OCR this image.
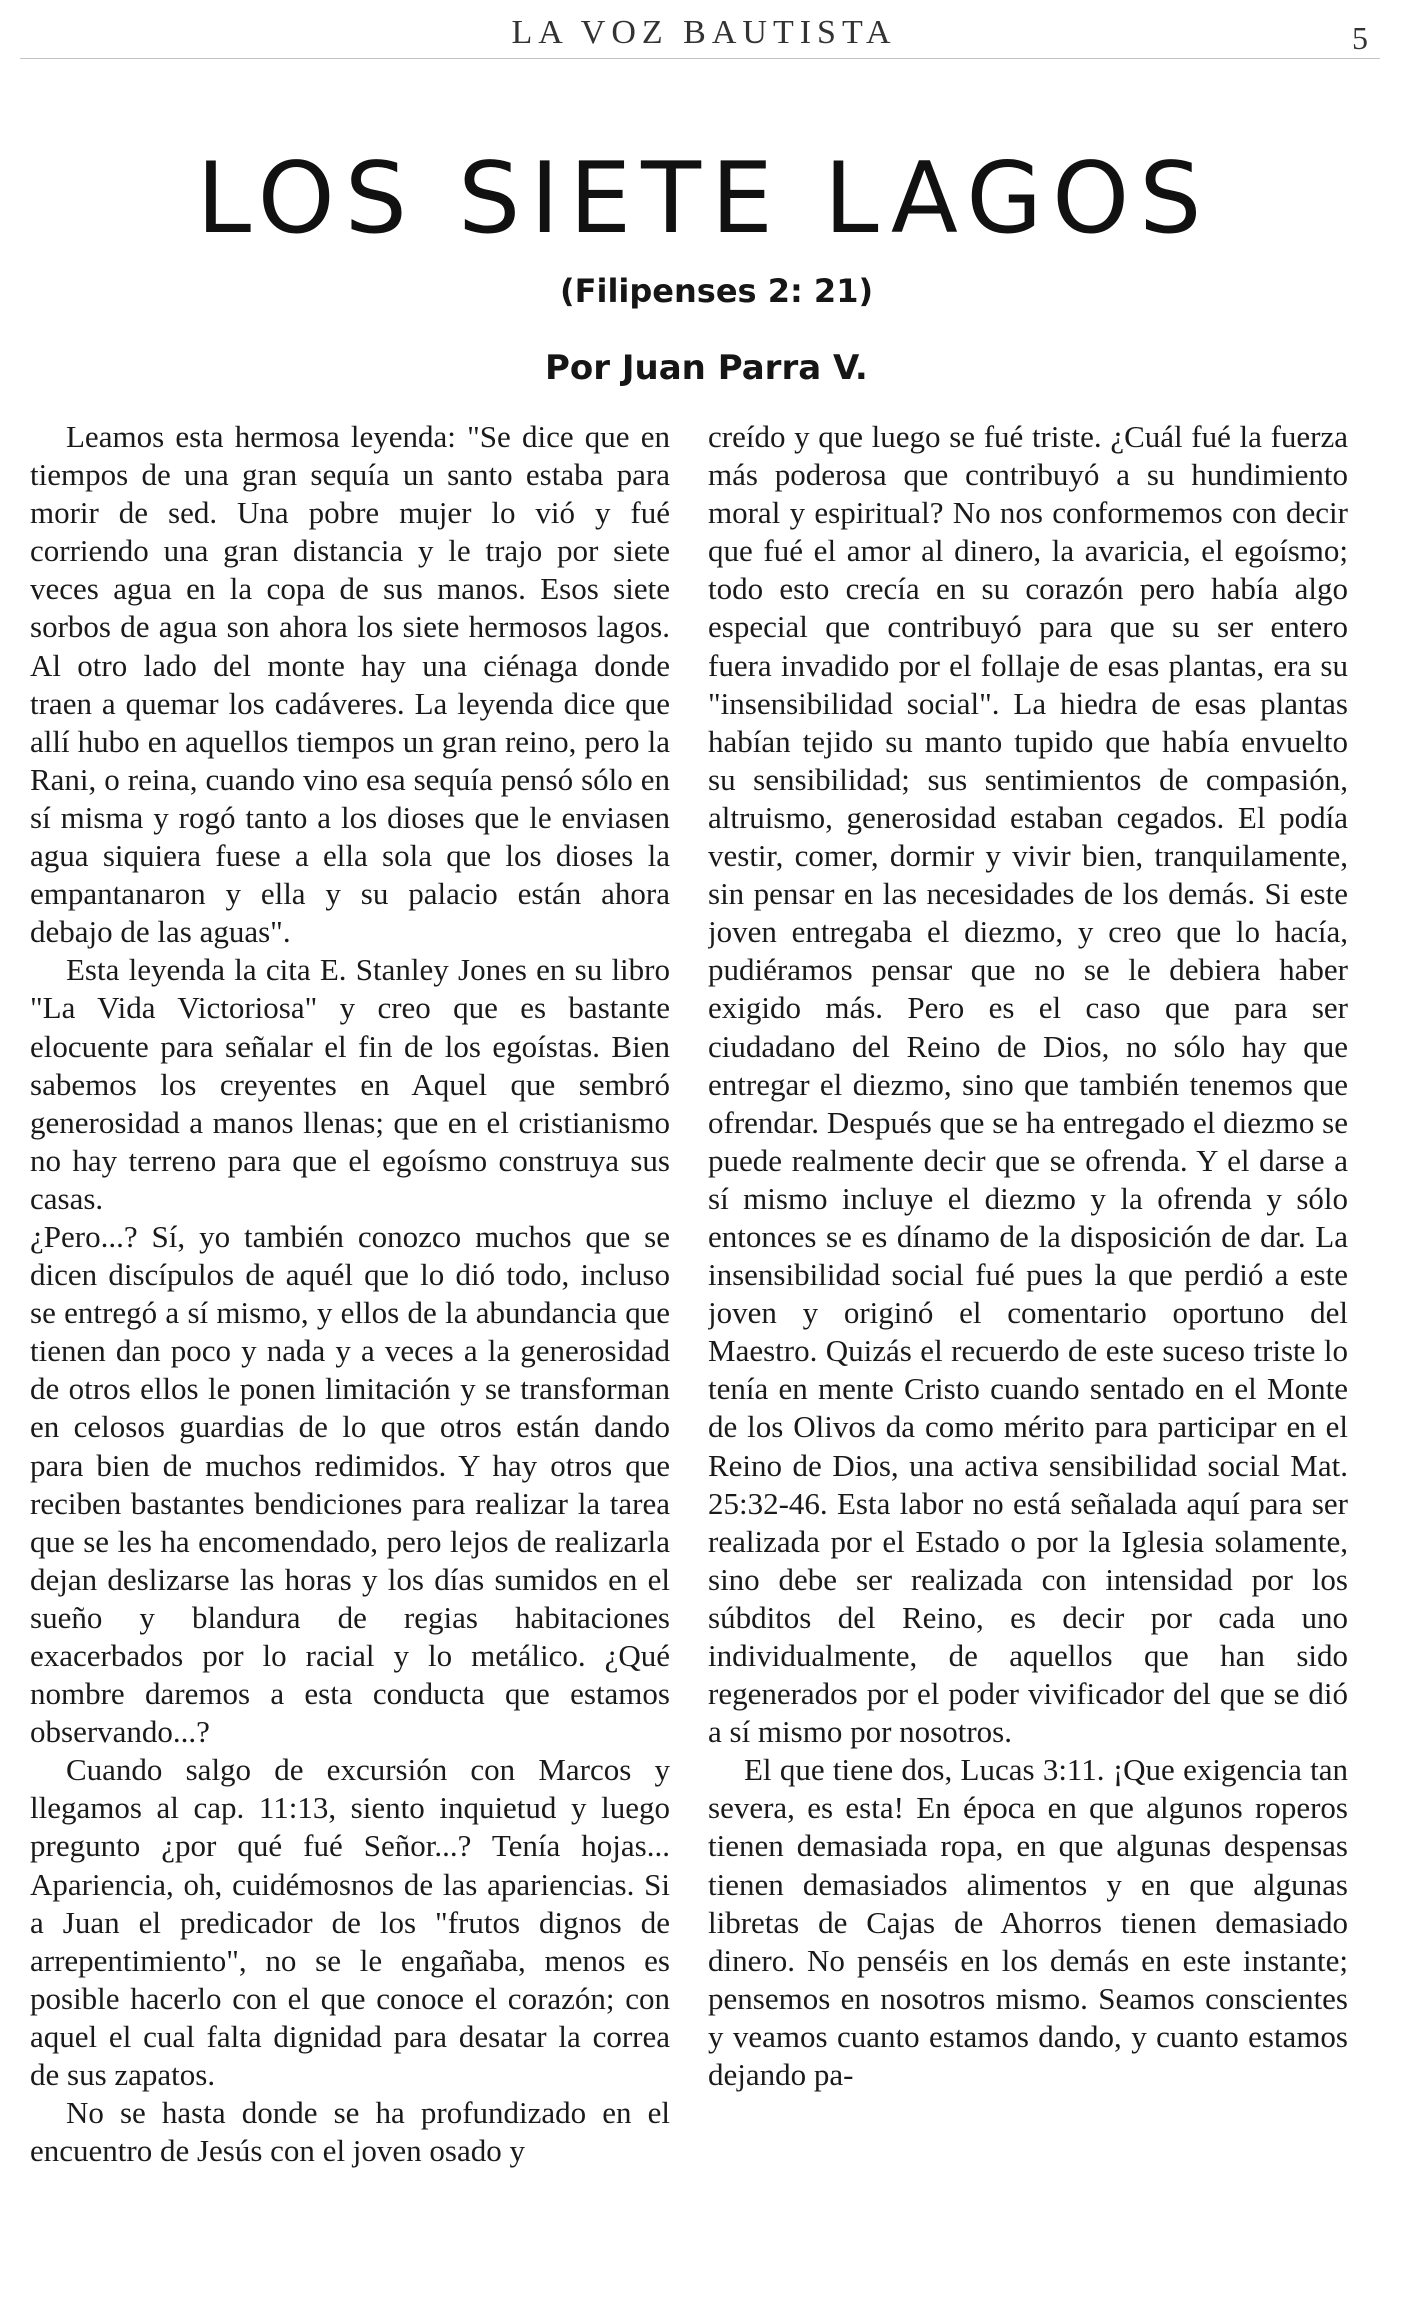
LA VOZ BAUTISTA	5
LOS SIETE LAGOS
(Filipenses 2: 21)
Por Juan Parra V.

Leamos esta hermosa leyenda: "Se dice que en tiempos de una gran sequía un santo estaba para morir de sed. Una pobre mujer lo vió y fué corriendo una gran distancia y le trajo por siete veces agua en la copa de sus manos. Esos siete sorbos de agua son ahora los siete hermosos lagos. Al otro lado del monte hay una ciénaga donde traen a quemar los cadáveres. La leyenda dice que allí hubo en aquellos tiempos un gran reino, pero la Rani, o reina, cuando vino esa sequía pensó sólo en sí misma y rogó tanto a los dioses que le enviasen agua siquiera fuese a ella sola que los dioses la empantanaron y ella y su palacio están ahora debajo de las aguas".

Esta leyenda la cita E. Stanley Jones en su libro "La Vida Victoriosa" y creo que es bastante elocuente para señalar el fin de los egoístas. Bien sabemos los creyentes en Aquel que sembró generosidad a manos llenas; que en el cristianismo no hay terreno para que el egoísmo construya sus casas.

¿Pero...? Sí, yo también conozco muchos que se dicen discípulos de aquél que lo dió todo, incluso se entregó a sí mismo, y ellos de la abundancia que tienen dan poco y nada y a veces a la generosidad de otros ellos le ponen limitación y se transforman en celosos guardias de lo que otros están dando para bien de muchos redimidos. Y hay otros que reciben bastantes bendiciones para realizar la tarea que se les ha encomendado, pero lejos de realizarla dejan deslizarse las horas y los días sumidos en el sueño y blandura de regias habitaciones exacerbados por lo racial y lo metálico. ¿Qué nombre daremos a esta conducta que estamos observando...?

Cuando salgo de excursión con Marcos y llegamos al cap. 11:13, siento inquietud y luego pregunto ¿por qué fué Señor...? Tenía hojas... Apariencia, oh, cuidémosnos de las apariencias. Si a Juan el predicador de los "frutos dignos de arrepentimiento", no se le engañaba, menos es posible hacerlo con el que conoce el corazón; con aquel el cual falta dignidad para desatar la correa de sus zapatos.

No se hasta donde se ha profundizado en el encuentro de Jesús con el joven osado y

creído y que luego se fué triste. ¿Cuál fué la fuerza más poderosa que contribuyó a su hundimiento moral y espiritual? No nos conformemos con decir que fué el amor al dinero, la avaricia, el egoísmo; todo esto crecía en su corazón pero había algo especial que contribuyó para que su ser entero fuera invadido por el follaje de esas plantas, era su "insensibilidad social". La hiedra de esas plantas habían tejido su manto tupido que había envuelto su sensibilidad; sus sentimientos de compasión, altruismo, generosidad estaban cegados. El podía vestir, comer, dormir y vivir bien, tranquilamente, sin pensar en las necesidades de los demás. Si este joven entregaba el diezmo, y creo que lo hacía, pudiéramos pensar que no se le debiera haber exigido más. Pero es el caso que para ser ciudadano del Reino de Dios, no sólo hay que entregar el diezmo, sino que también tenemos que ofrendar. Después que se ha entregado el diezmo se puede realmente decir que se ofrenda. Y el darse a sí mismo incluye el diezmo y la ofrenda y sólo entonces se es dínamo de la disposición de dar. La insensibilidad social fué pues la que perdió a este joven y originó el comentario oportuno del Maestro. Quizás el recuerdo de este suceso triste lo tenía en mente Cristo cuando sentado en el Monte de los Olivos da como mérito para participar en el Reino de Dios, una activa sensibilidad social Mat. 25:32-46. Esta labor no está señalada aquí para ser realizada por el Estado o por la Iglesia solamente, sino debe ser realizada con intensidad por los súbditos del Reino, es decir por cada uno individualmente, de aquellos que han sido regenerados por el poder vivificador del que se dió a sí mismo por nosotros.

El que tiene dos, Lucas 3:11. ¡Que exigencia tan severa, es esta! En época en que algunos roperos tienen demasiada ropa, en que algunas despensas tienen demasiados alimentos y en que algunas libretas de Cajas de Ahorros tienen demasiado dinero. No penséis en los demás en este instante; pensemos en nosotros mismo. Seamos conscientes y veamos cuanto estamos dando, y cuanto estamos dejando pa-
